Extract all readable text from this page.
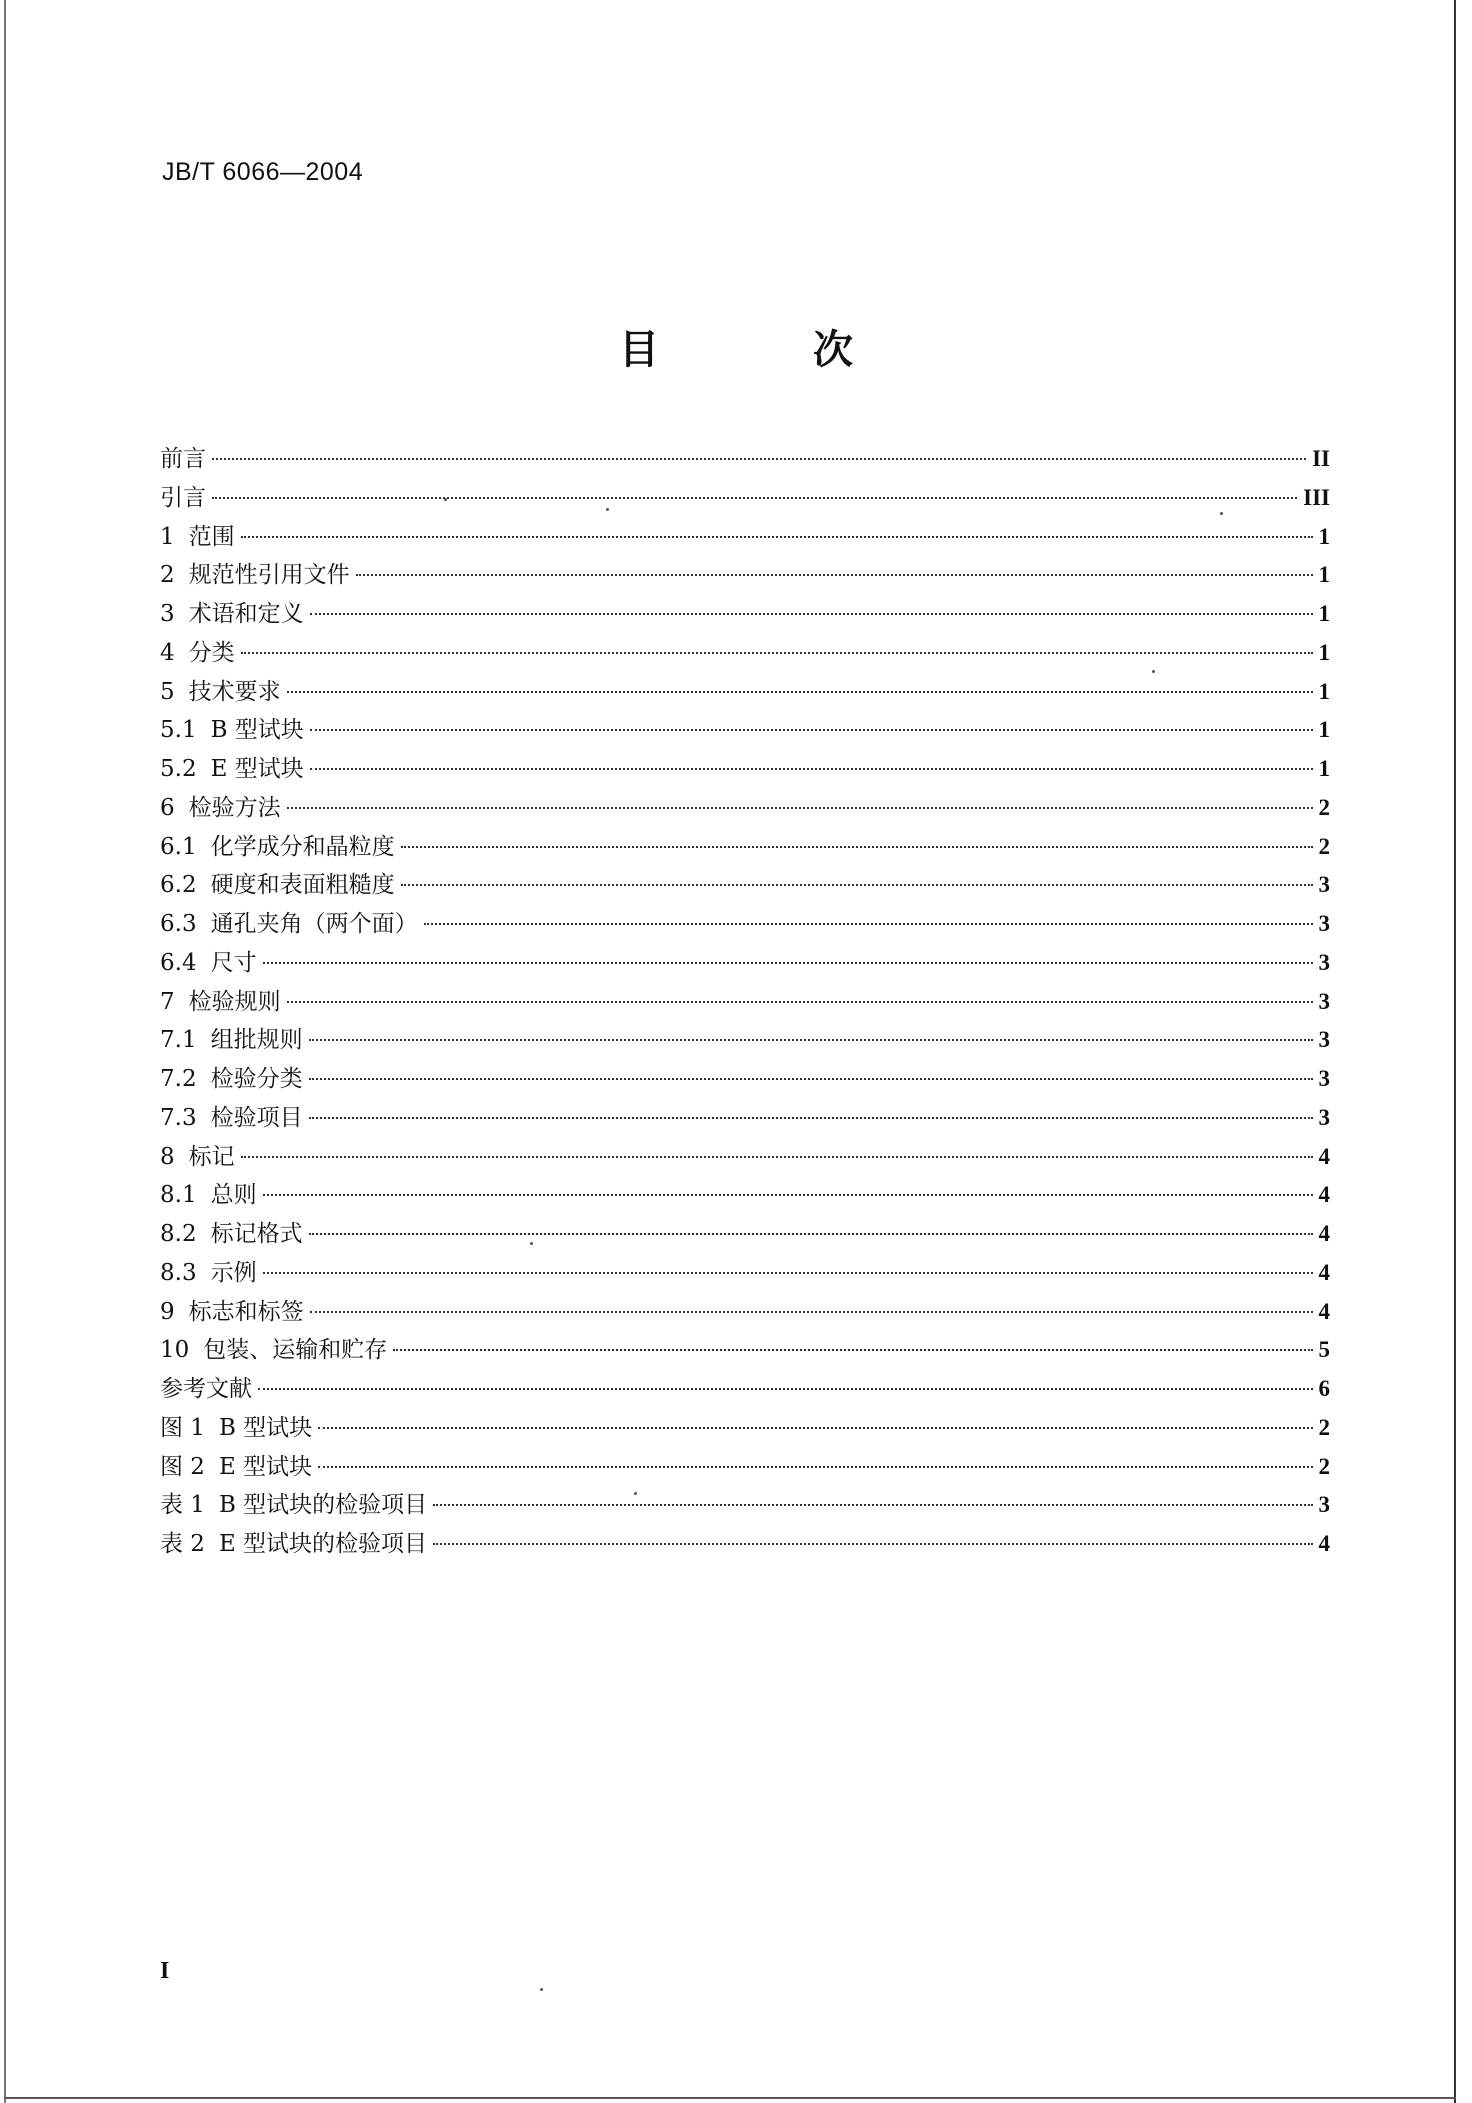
JB/T 6066—2004
目 次
前言	II
引言	III
1 范围	1
2 规范性引用文件	1
3 术语和定义	1
4 分类	1
5 技术要求	1
5.1 B 型试块	1
5.2 E 型试块	1
6 检验方法	2
6.1 化学成分和晶粒度	2
6.2 硬度和表面粗糙度	3
6.3 通孔夹角（两个面）	3
6.4 尺寸	3
7 检验规则	3
7.1 组批规则	3
7.2 检验分类	3
7.3 检验项目	3
8 标记	4
8.1 总则	4
8.2 标记格式	4
8.3 示例	4
9 标志和标签	4
10 包装、运输和贮存	5
参考文献	6
图 1 B 型试块	2
图 2 E 型试块	2
表 1 B 型试块的检验项目	3
表 2 E 型试块的检验项目	4
I
